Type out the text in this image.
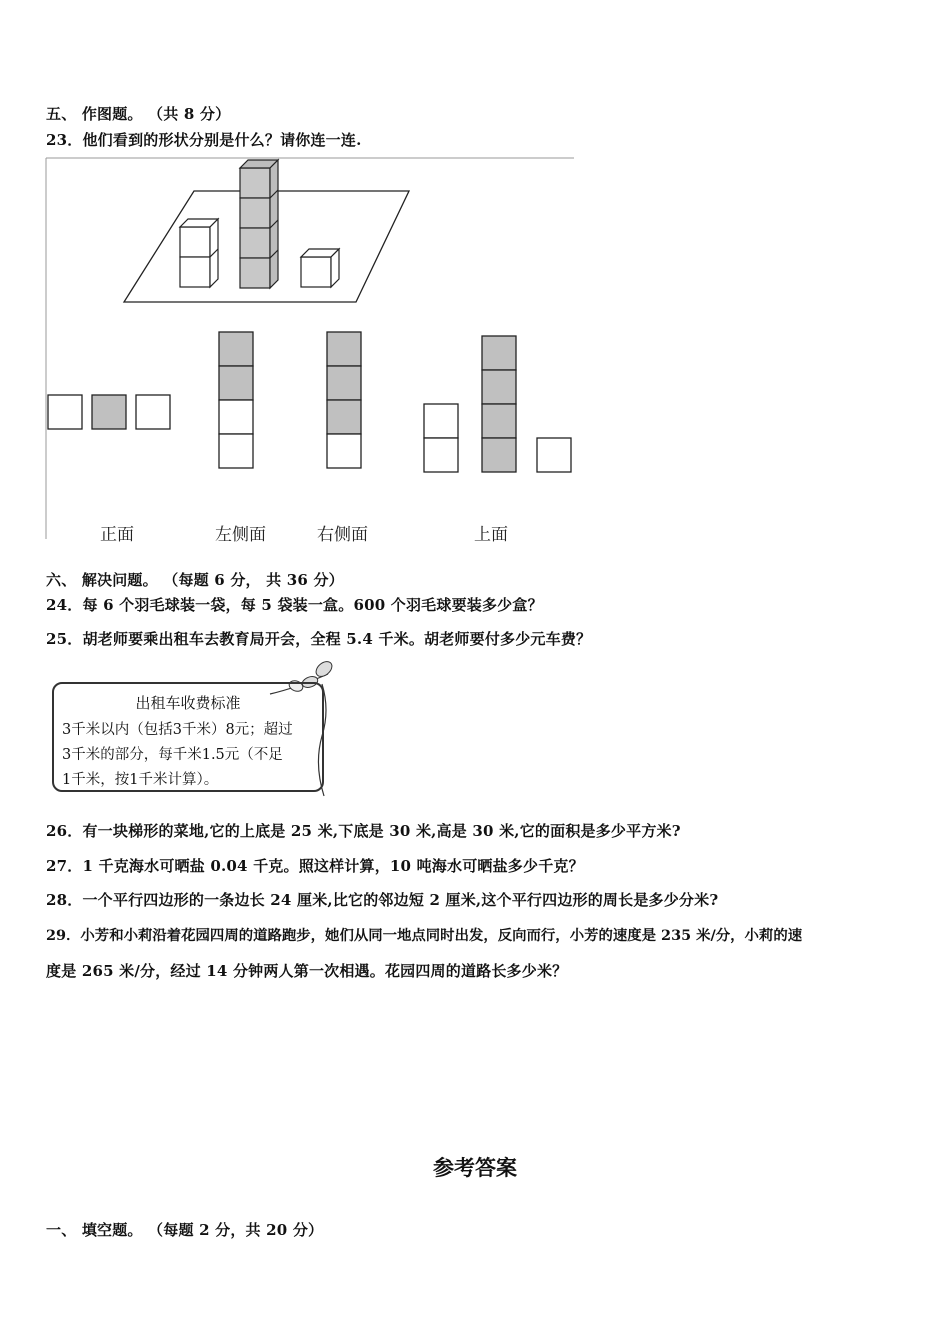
五、 作图题。 （共 8 分）
23．他们看到的形状分别是什么？请你连一连.
正面	左侧面	右侧面	上面
六、 解决问题。 （每题 6 分， 共 36 分）
24．每 6 个羽毛球装一袋，每 5 袋装一盒。600 个羽毛球要装多少盒？
25．胡老师要乘出租车去教育局开会，全程 5.4 千米。胡老师要付多少元车费？
出租车收费标准
3千米以内（包括3千米）8元；超过
3千米的部分，每千米1.5元（不足
1千米，按1千米计算）。
26．有一块梯形的菜地,它的上底是 25 米,下底是 30 米,高是 30 米,它的面积是多少平方米?
27．1 千克海水可晒盐 0.04 千克。照这样计算，10 吨海水可晒盐多少千克？
28．一个平行四边形的一条边长 24 厘米,比它的邻边短 2 厘米,这个平行四边形的周长是多少分米?
29．小芳和小莉沿着花园四周的道路跑步，她们从同一地点同时出发，反向而行，小芳的速度是 235 米/分，小莉的速
度是 265 米/分，经过 14 分钟两人第一次相遇。花园四周的道路长多少米？
参考答案
一、 填空题。 （每题 2 分，共 20 分）
